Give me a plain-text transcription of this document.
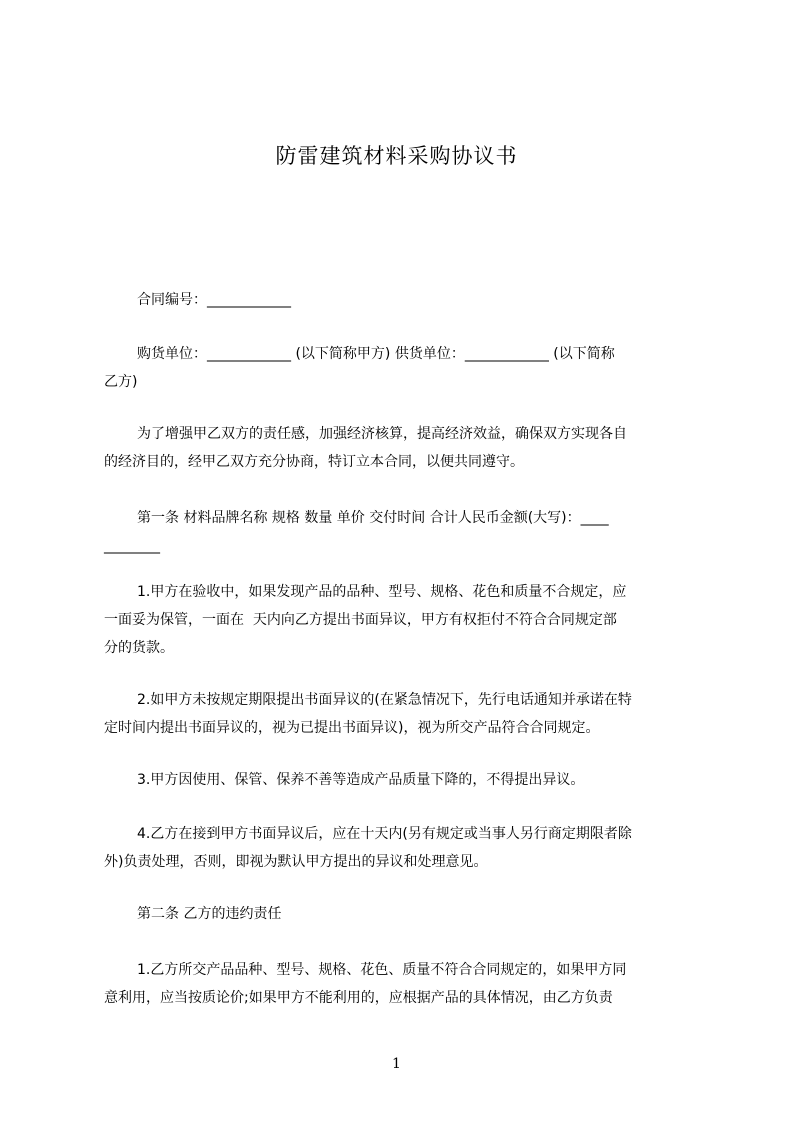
防雷建筑材料采购协议书

合同编号：____________

购货单位：____________ (以下简称甲方) 供货单位：____________ (以下简称
乙方)

为了增强甲乙双方的责任感，加强经济核算，提高经济效益，确保双方实现各自
的经济目的，经甲乙双方充分协商，特订立本合同，以便共同遵守。

第一条 材料品牌名称 规格 数量 单价 交付时间 合计人民币金额(大写)：____
________

1.甲方在验收中，如果发现产品的品种、型号、规格、花色和质量不合规定，应
一面妥为保管，一面在  天内向乙方提出书面异议，甲方有权拒付不符合合同规定部
分的货款。

2.如甲方未按规定期限提出书面异议的(在紧急情况下，先行电话通知并承诺在特
定时间内提出书面异议的，视为已提出书面异议)，视为所交产品符合合同规定。

3.甲方因使用、保管、保养不善等造成产品质量下降的，不得提出异议。

4.乙方在接到甲方书面异议后，应在十天内(另有规定或当事人另行商定期限者除
外)负责处理，否则，即视为默认甲方提出的异议和处理意见。

第二条 乙方的违约责任

1.乙方所交产品品种、型号、规格、花色、质量不符合合同规定的，如果甲方同
意利用，应当按质论价;如果甲方不能利用的，应根据产品的具体情况，由乙方负责

1
